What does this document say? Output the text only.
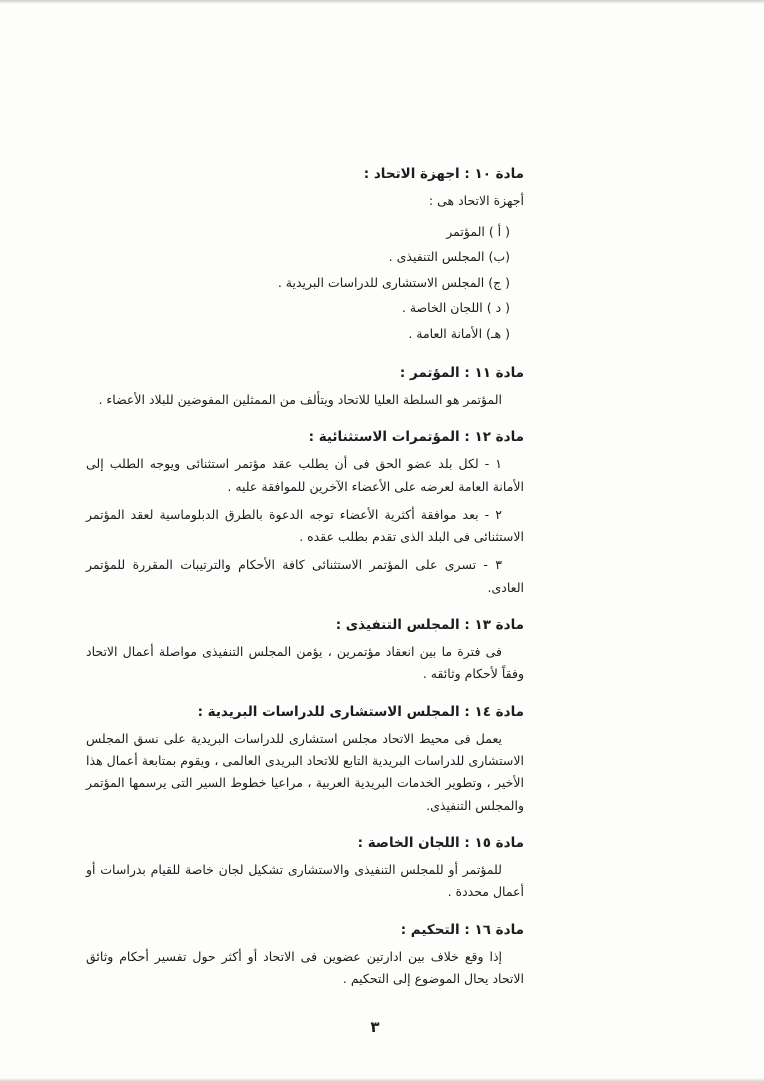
مادة ١٠ : اجهزة الاتحاد :

أجهزة الاتحاد هى :

( أ ) المؤتمر
(ب) المجلس التنفيذى .
( ج) المجلس الاستشارى للدراسات البريدية .
( د ) اللجان الخاصة .
( هـ) الأمانة العامة .
مادة ١١ : المؤتمر :

المؤتمر هو السلطة العليا للاتحاد ويتألف من الممثلين المفوضين للبلاد الأعضاء .

مادة ١٢ : المؤتمرات الاستثنائية :

١ - لكل بلد عضو الحق فى أن يطلب عقد مؤتمر استثنائى ويوجه الطلب إلى الأمانة العامة لعرضه على الأعضاء الآخرين للموافقة عليه .

٢ - بعد موافقة أكثرية الأعضاء توجه الدعوة بالطرق الدبلوماسية لعقد المؤتمر الاستثنائى فى البلد الذى تقدم بطلب عقده .

٣ - تسرى على المؤتمر الاستثنائى كافة الأحكام والترتيبات المقررة للمؤتمر العادى.

مادة ١٣ : المجلس التنفيذى :

فى فترة ما بين انعقاد مؤتمرين ، يؤمن المجلس التنفيذى مواصلة أعمال الاتحاد وفقاً لأحكام وثائقه .

مادة ١٤ : المجلس الاستشارى للدراسات البريدية :

يعمل فى محيط الاتحاد مجلس استشارى للدراسات البريدية على نسق المجلس الاستشارى للدراسات البريدية التابع للاتحاد البريدى العالمى ، ويقوم بمتابعة أعمال هذا الأخير ، وتطوير الخدمات البريدية العربية ، مراعيا خطوط السير التى يرسمها المؤتمر والمجلس التنفيذى.

مادة ١٥ : اللجان الخاصة :

للمؤتمر أو للمجلس التنفيذى والاستشارى تشكيل لجان خاصة للقيام بدراسات أو أعمال محددة .

مادة ١٦ : التحكيم :

إذا وقع خلاف بين ادارتين عضوين فى الاتحاد أو أكثر حول تفسير أحكام وثائق الاتحاد يحال الموضوع إلى التحكيم .

٣
